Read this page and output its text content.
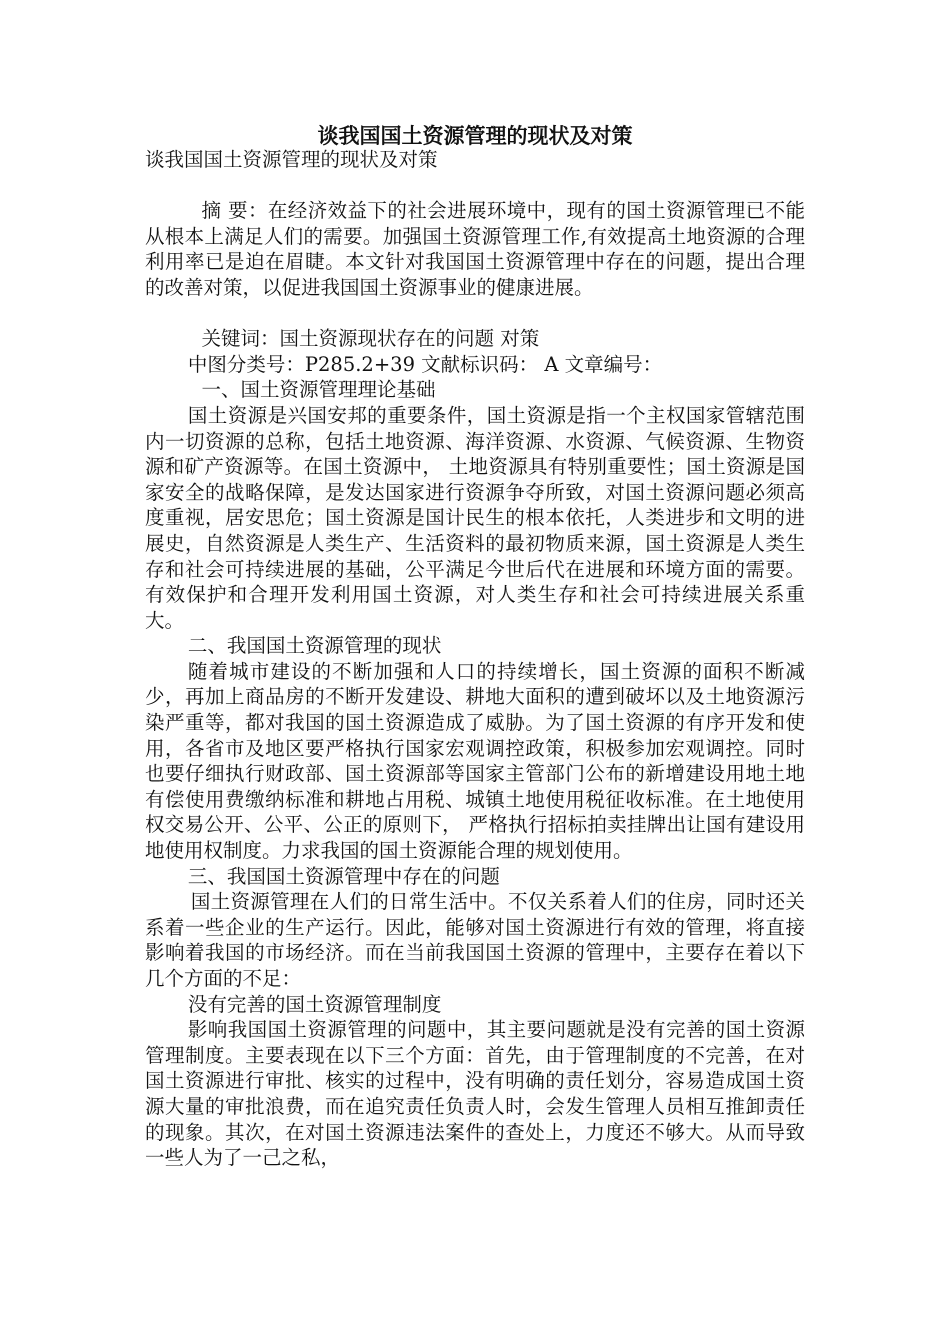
谈我国国土资源管理的现状及对策

谈我国国土资源管理的现状及对策

摘 要：在经济效益下的社会进展环境中，现有的国土资源管理已不能从根本上满足人们的需要。加强国土资源管理工作,有效提高土地资源的合理利用率已是迫在眉睫。本文针对我国国土资源管理中存在的问题，提出合理的改善对策，以促进我国国土资源事业的健康进展。

关键词：国土资源现状存在的问题 对策

中图分类号：P285.2+39 文献标识码： A 文章编号：

一、国土资源管理理论基础

国土资源是兴国安邦的重要条件，国土资源是指一个主权国家管辖范围内一切资源的总称，包括土地资源、海洋资源、水资源、气候资源、生物资源和矿产资源等。在国土资源中， 土地资源具有特别重要性；国土资源是国家安全的战略保障，是发达国家进行资源争夺所致，对国土资源问题必须高度重视，居安思危；国土资源是国计民生的根本依托，人类进步和文明的进展史，自然资源是人类生产、生活资料的最初物质来源，国土资源是人类生存和社会可持续进展的基础，公平满足今世后代在进展和环境方面的需要。有效保护和合理开发利用国土资源，对人类生存和社会可持续进展关系重大。

二、我国国土资源管理的现状

随着城市建设的不断加强和人口的持续增长，国土资源的面积不断减少，再加上商品房的不断开发建设、耕地大面积的遭到破坏以及土地资源污染严重等，都对我国的国土资源造成了威胁。为了国土资源的有序开发和使用，各省市及地区要严格执行国家宏观调控政策，积极参加宏观调控。同时也要仔细执行财政部、国土资源部等国家主管部门公布的新增建设用地土地有偿使用费缴纳标准和耕地占用税、城镇土地使用税征收标准。在土地使用权交易公开、公平、公正的原则下， 严格执行招标拍卖挂牌出让国有建设用地使用权制度。力求我国的国土资源能合理的规划使用。

三、我国国土资源管理中存在的问题

国土资源管理在人们的日常生活中。不仅关系着人们的住房，同时还关系着一些企业的生产运行。因此，能够对国土资源进行有效的管理，将直接影响着我国的市场经济。而在当前我国国土资源的管理中，主要存在着以下几个方面的不足：

没有完善的国土资源管理制度

影响我国国土资源管理的问题中，其主要问题就是没有完善的国土资源管理制度。主要表现在以下三个方面：首先，由于管理制度的不完善，在对国土资源进行审批、核实的过程中，没有明确的责任划分，容易造成国土资源大量的审批浪费，而在追究责任负责人时，会发生管理人员相互推卸责任的现象。其次，在对国土资源违法案件的查处上，力度还不够大。从而导致一些人为了一己之私，
